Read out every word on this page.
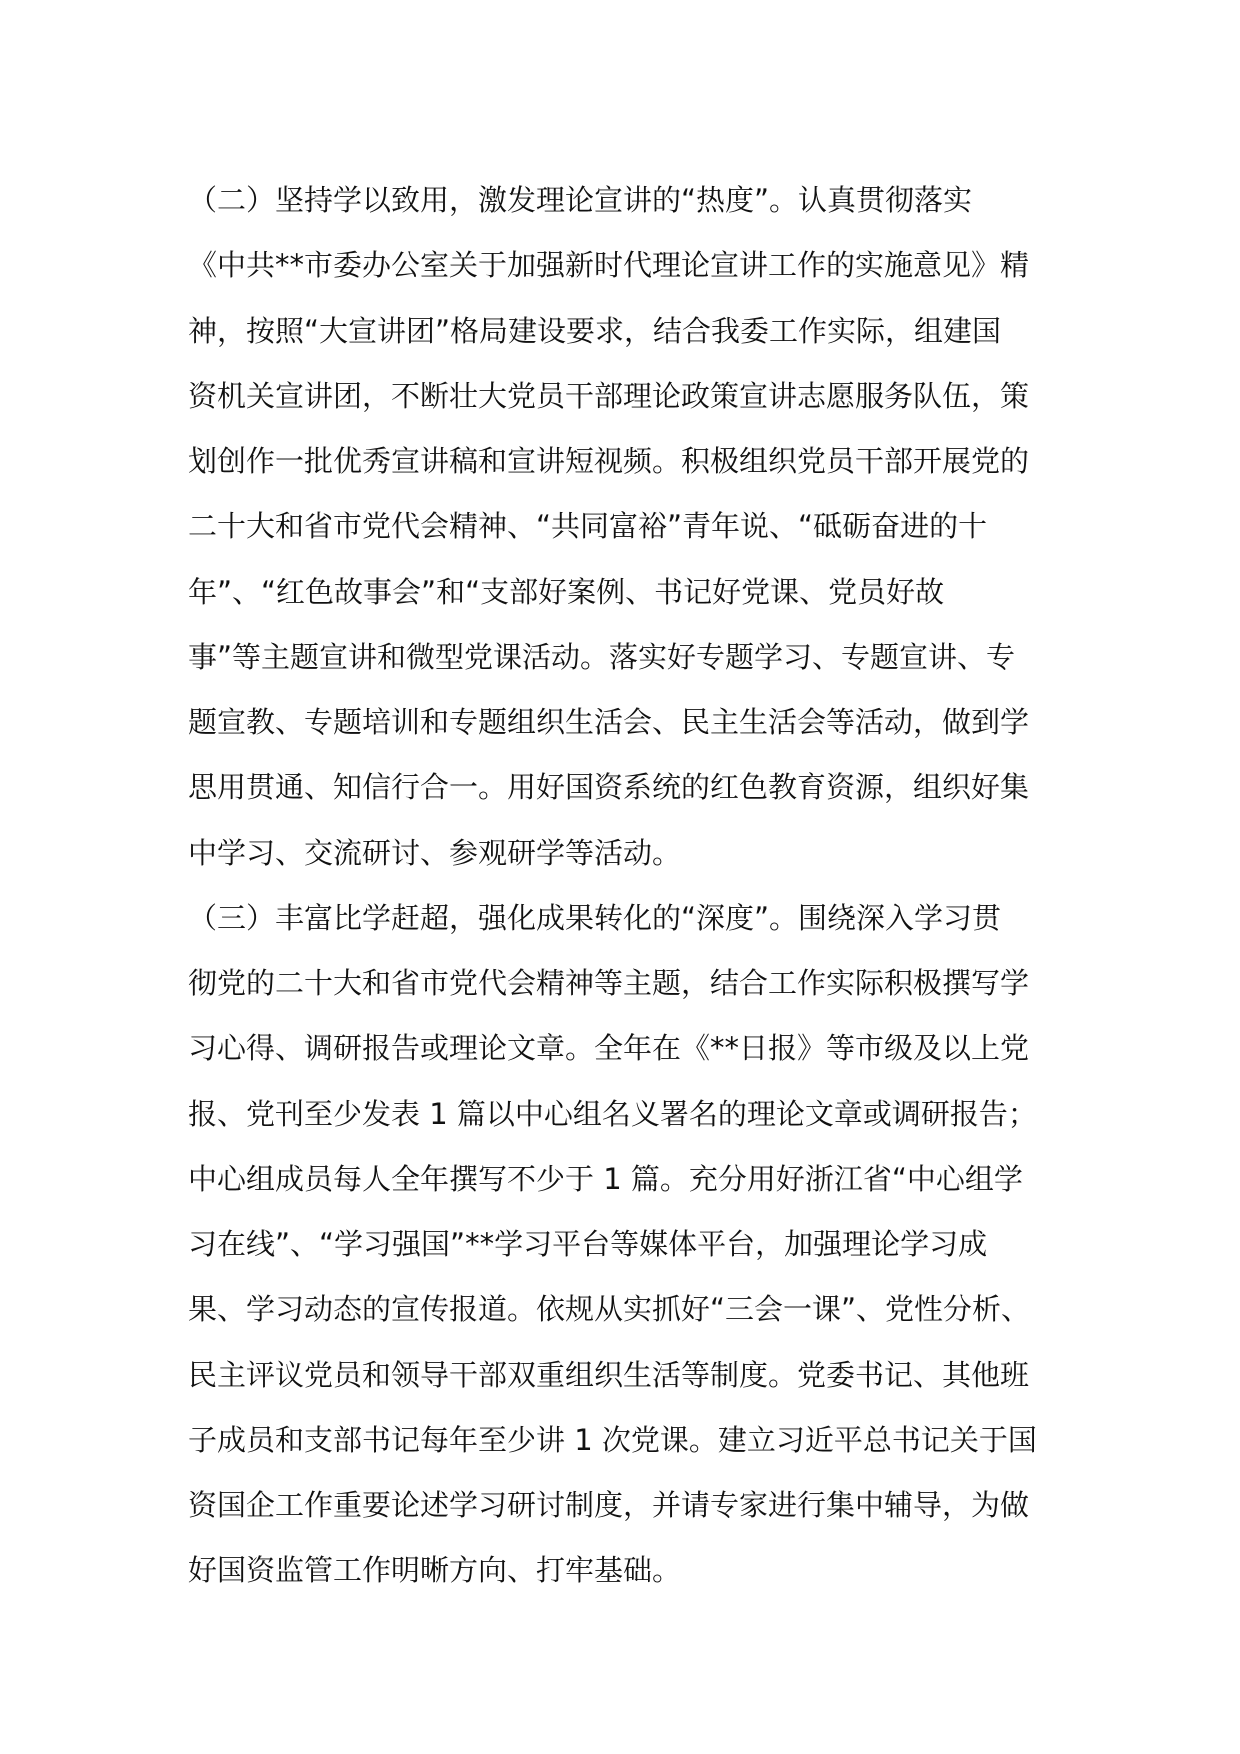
（二）坚持学以致用，激发理论宣讲的“热度”。认真贯彻落实
《中共**市委办公室关于加强新时代理论宣讲工作的实施意见》精
神，按照“大宣讲团”格局建设要求，结合我委工作实际，组建国
资机关宣讲团，不断壮大党员干部理论政策宣讲志愿服务队伍，策
划创作一批优秀宣讲稿和宣讲短视频。积极组织党员干部开展党的
二十大和省市党代会精神、“共同富裕”青年说、“砥砺奋进的十
年”、“红色故事会”和“支部好案例、书记好党课、党员好故
事”等主题宣讲和微型党课活动。落实好专题学习、专题宣讲、专
题宣教、专题培训和专题组织生活会、民主生活会等活动，做到学
思用贯通、知信行合一。用好国资系统的红色教育资源，组织好集
中学习、交流研讨、参观研学等活动。
（三）丰富比学赶超，强化成果转化的“深度”。围绕深入学习贯
彻党的二十大和省市党代会精神等主题，结合工作实际积极撰写学
习心得、调研报告或理论文章。全年在《**日报》等市级及以上党
报、党刊至少发表 1 篇以中心组名义署名的理论文章或调研报告；
中心组成员每人全年撰写不少于 1 篇。充分用好浙江省“中心组学
习在线”、“学习强国”**学习平台等媒体平台，加强理论学习成
果、学习动态的宣传报道。依规从实抓好“三会一课”、党性分析、
民主评议党员和领导干部双重组织生活等制度。党委书记、其他班
子成员和支部书记每年至少讲 1 次党课。建立习近平总书记关于国
资国企工作重要论述学习研讨制度，并请专家进行集中辅导，为做
好国资监管工作明晰方向、打牢基础。
